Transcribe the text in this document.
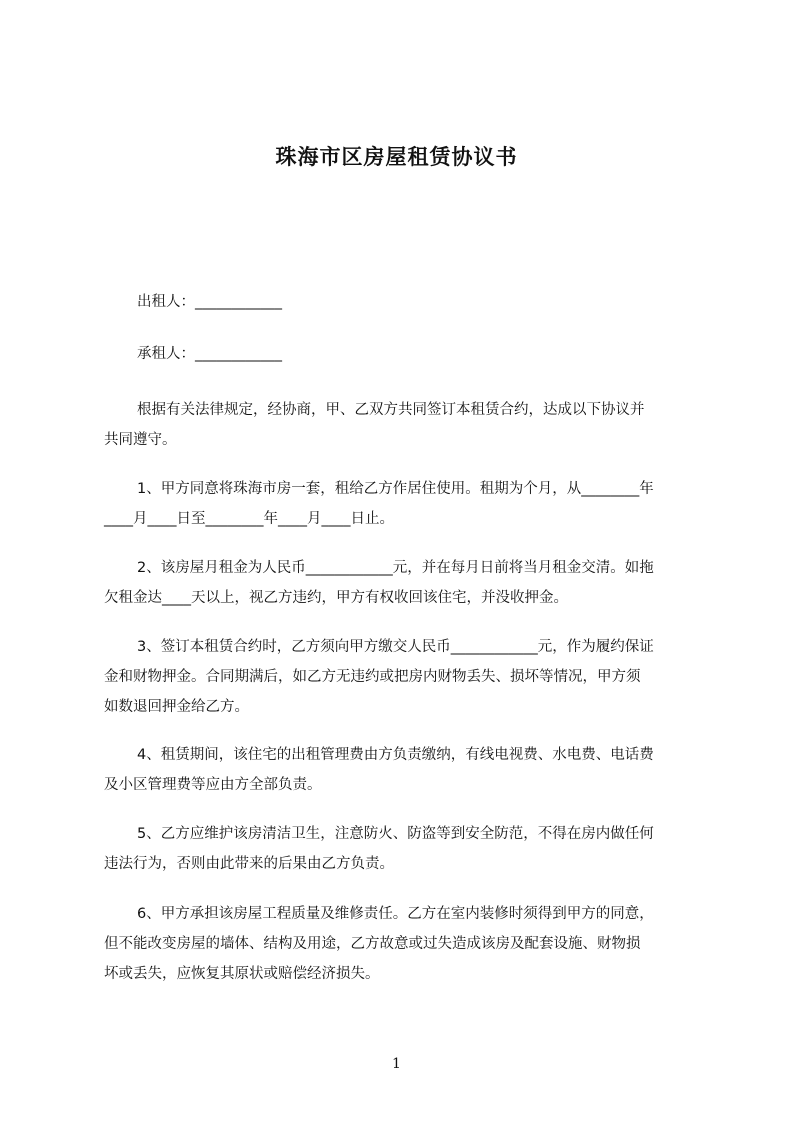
珠海市区房屋租赁协议书
出租人：____________
承租人：____________

根据有关法律规定，经协商，甲、乙双方共同签订本租赁合约，达成以下协议并

共同遵守。

1、甲方同意将珠海市房一套，租给乙方作居住使用。租期为个月，从________年

____月____日至________年____月____日止。

2、该房屋月租金为人民币____________元，并在每月日前将当月租金交清。如拖

欠租金达____天以上，视乙方违约，甲方有权收回该住宅，并没收押金。

3、签订本租赁合约时，乙方须向甲方缴交人民币____________元，作为履约保证

金和财物押金。合同期满后，如乙方无违约或把房内财物丢失、损坏等情况，甲方须

如数退回押金给乙方。

4、租赁期间，该住宅的出租管理费由方负责缴纳，有线电视费、水电费、电话费

及小区管理费等应由方全部负责。

5、乙方应维护该房清洁卫生，注意防火、防盗等到安全防范，不得在房内做任何

违法行为，否则由此带来的后果由乙方负责。

6、甲方承担该房屋工程质量及维修责任。乙方在室内装修时须得到甲方的同意，

但不能改变房屋的墙体、结构及用途，乙方故意或过失造成该房及配套设施、财物损

坏或丢失，应恢复其原状或赔偿经济损失。

1
